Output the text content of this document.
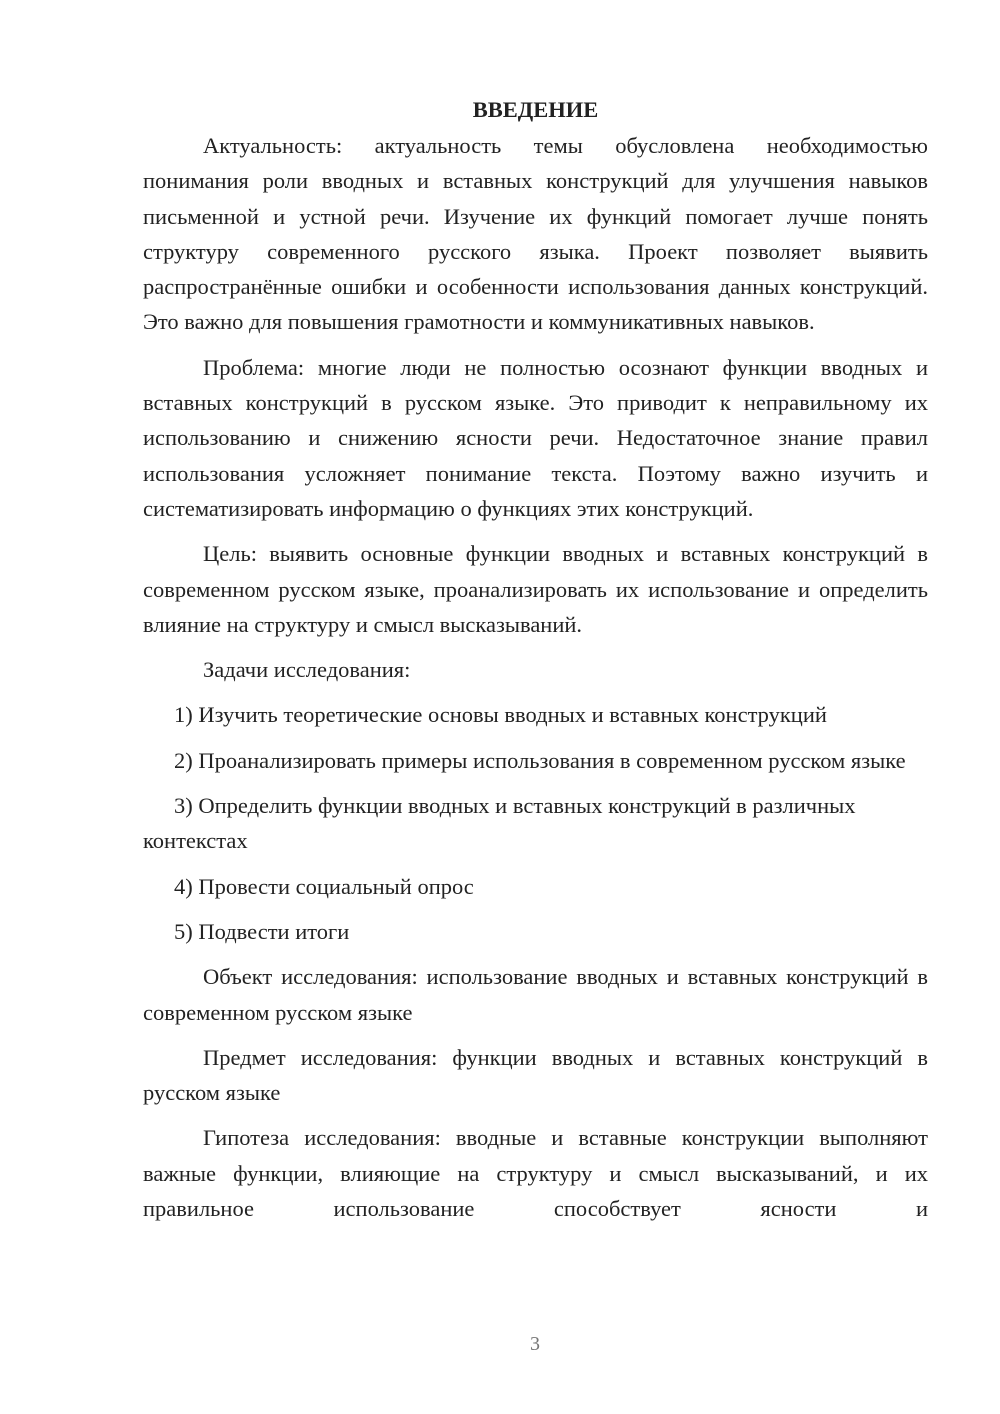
ВВЕДЕНИЕ

Актуальность: актуальность темы обусловлена необходимостью понимания роли вводных и вставных конструкций для улучшения навыков письменной и устной речи. Изучение их функций помогает лучше понять структуру современного русского языка. Проект позволяет выявить распространённые ошибки и особенности использования данных конструкций. Это важно для повышения грамотности и коммуникативных навыков.

Проблема: многие люди не полностью осознают функции вводных и вставных конструкций в русском языке. Это приводит к неправильному их использованию и снижению ясности речи. Недостаточное знание правил использования усложняет понимание текста. Поэтому важно изучить и систематизировать информацию о функциях этих конструкций.

Цель: выявить основные функции вводных и вставных конструкций в современном русском языке, проанализировать их использование и определить влияние на структуру и смысл высказываний.

Задачи исследования:

1) Изучить теоретические основы вводных и вставных конструкций

2) Проанализировать примеры использования в современном русском языке

3) Определить функции вводных и вставных конструкций в различных контекстах

4) Провести социальный опрос

5) Подвести итоги

Объект исследования: использование вводных и вставных конструкций в современном русском языке

Предмет исследования: функции вводных и вставных конструкций в русском языке

Гипотеза исследования: вводные и вставные конструкции выполняют важные функции, влияющие на структуру и смысл высказываний, и их правильное использование способствует ясности и

3
